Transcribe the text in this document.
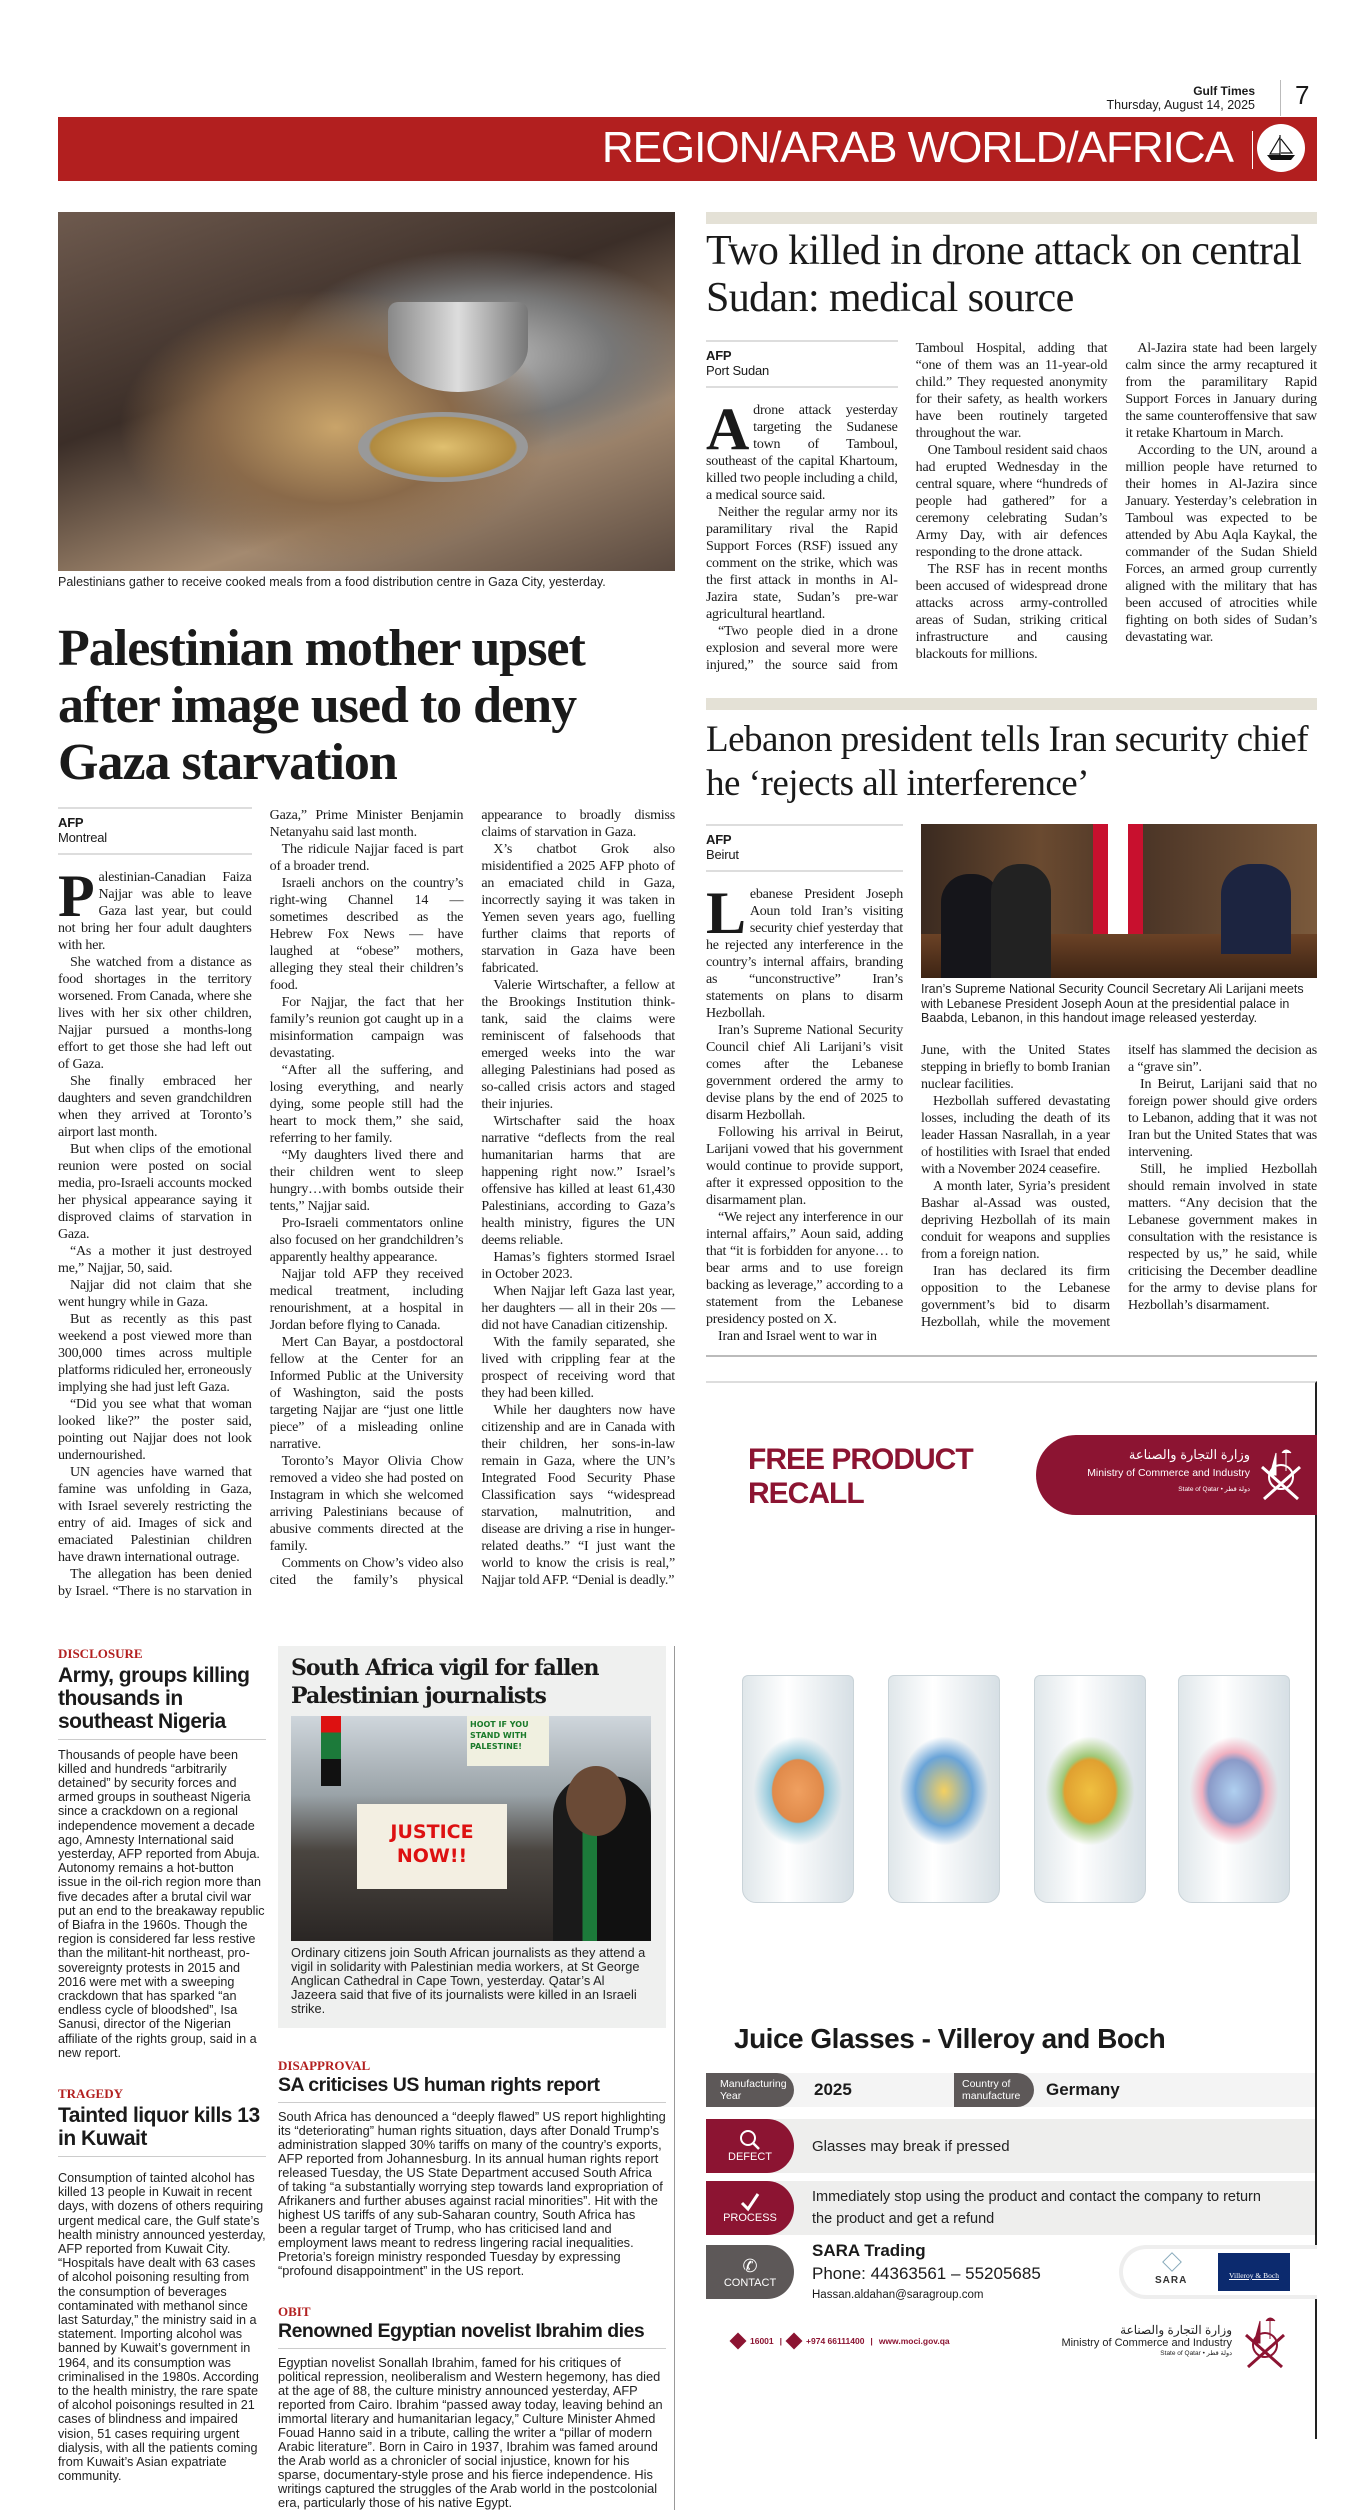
Gulf Times
Thursday, August 14, 2025	7
REGION/ARAB WORLD/AFRICA
Palestinians gather to receive cooked meals from a food distribution centre in Gaza City, yesterday.
Palestinian mother upset after image used to deny Gaza starvation
AFP
Montreal

Palestinian-Canadian Faiza Najjar was able to leave Gaza last year, but could not bring her four adult daughters with her.

She watched from a distance as food shortages in the territory worsened. From Canada, where she lives with her six other children, Najjar pursued a months-long effort to get those she had left out of Gaza.

She finally embraced her daughters and seven grandchildren when they arrived at Toronto’s airport last month.

But when clips of the emotional reunion were posted on social media, pro-Israeli accounts mocked her physical appearance saying it disproved claims of starvation in Gaza.

“As a mother it just destroyed me,” Najjar, 50, said.

Najjar did not claim that she went hungry while in Gaza.

But as recently as this past weekend a post viewed more than 300,000 times across multiple platforms ridiculed her, erroneously implying she had just left Gaza.

“Did you see what that woman looked like?” the poster said, pointing out Najjar does not look undernourished.

UN agencies have warned that famine was unfolding in Gaza, with Israel severely restricting the entry of aid. Images of sick and emaciated Palestinian children have drawn international outrage.

The allegation has been denied by Israel. “There is no starvation in Gaza,” Prime Minister Benjamin Netanyahu said last month.

The ridicule Najjar faced is part of a broader trend.

Israeli anchors on the country’s right-wing Channel 14 — sometimes described as the Hebrew Fox News — have laughed at “obese” mothers, alleging they steal their children’s food.

For Najjar, the fact that her family’s reunion got caught up in a misinformation campaign was devastating.

“After all the suffering, and losing everything, and nearly dying, some people still had the heart to mock them,” she said, referring to her family.

“My daughters lived there and their children went to sleep hungry…with bombs outside their tents,” Najjar said.

Pro-Israeli commentators online also focused on her grandchildren’s apparently healthy appearance.

Najjar told AFP they received medical treatment, including renourishment, at a hospital in Jordan before flying to Canada.

Mert Can Bayar, a postdoctoral fellow at the Center for an Informed Public at the University of Washington, said the posts targeting Najjar are “just one little piece” of a misleading online narrative.

Toronto’s Mayor Olivia Chow removed a video she had posted on Instagram in which she welcomed arriving Palestinians because of abusive comments directed at the family.

Comments on Chow’s video also cited the family’s physical appearance to broadly dismiss claims of starvation in Gaza.

X’s chatbot Grok also misidentified a 2025 AFP photo of an emaciated child in Gaza, incorrectly saying it was taken in Yemen seven years ago, fuelling further claims that reports of starvation in Gaza have been fabricated.

Valerie Wirtschafter, a fellow at the Brookings Institution think-tank, said the claims were reminiscent of falsehoods that emerged weeks into the war alleging Palestinians had posed as so-called crisis actors and staged their injuries.

Wirtschafter said the hoax narrative “deflects from the real humanitarian harms that are happening right now.” Israel’s offensive has killed at least 61,430 Palestinians, according to Gaza’s health ministry, figures the UN deems reliable.

Hamas’s fighters stormed Israel in October 2023.

When Najjar left Gaza last year, her daughters — all in their 20s — did not have Canadian citizenship.

With the family separated, she lived with crippling fear at the prospect of receiving word that they had been killed.

While her daughters now have citizenship and are in Canada with their children, her sons-in-law remain in Gaza, where the UN’s Integrated Food Security Phase Classification says “widespread starvation, malnutrition, and disease are driving a rise in hunger-related deaths.” “I just want the world to know the crisis is real,” Najjar told AFP. “Denial is deadly.”

DISCLOSURE
Army, groups killing thousands in southeast Nigeria

Thousands of people have been killed and hundreds “arbitrarily detained” by security forces and armed groups in southeast Nigeria since a crackdown on a regional independence movement a decade ago, Amnesty International said yesterday, AFP reported from Abuja. Autonomy remains a hot-button issue in the oil-rich region more than five decades after a brutal civil war put an end to the breakaway republic of Biafra in the 1960s. Though the region is considered far less restive than the militant-hit northeast, pro-sovereignty protests in 2015 and 2016 were met with a sweeping crackdown that has sparked “an endless cycle of bloodshed”, Isa Sanusi, director of the Nigerian affiliate of the rights group, said in a new report.

TRAGEDY
Tainted liquor kills 13 in Kuwait

Consumption of tainted alcohol has killed 13 people in Kuwait in recent days, with dozens of others requiring urgent medical care, the Gulf state’s health ministry announced yesterday, AFP reported from Kuwait City. “Hospitals have dealt with 63 cases of alcohol poisoning resulting from the consumption of beverages contaminated with methanol since last Saturday,” the ministry said in a statement. Importing alcohol was banned by Kuwait’s government in 1964, and its consumption was criminalised in the 1980s. According to the health ministry, the rare spate of alcohol poisonings resulted in 21 cases of blindness and impaired vision, 51 cases requiring urgent dialysis, with all the patients coming from Kuwait’s Asian expatriate community.

South Africa vigil for fallen Palestinian journalists
JUSTICE NOW!!
HOOT IF YOU STAND WITH PALESTINE!
Ordinary citizens join South African journalists as they attend a vigil in solidarity with Palestinian media workers, at St George Anglican Cathedral in Cape Town, yesterday. Qatar’s Al Jazeera said that five of its journalists were killed in an Israeli strike.
DISAPPROVAL
SA criticises US human rights report

South Africa has denounced a “deeply flawed” US report highlighting its “deteriorating” human rights situation, days after Donald Trump’s administration slapped 30% tariffs on many of the country’s exports, AFP reported from Johannesburg. In its annual human rights report released Tuesday, the US State Department accused South Africa of taking “a substantially worrying step towards land expropriation of Afrikaners and further abuses against racial minorities”. Hit with the highest US tariffs of any sub-Saharan country, South Africa has been a regular target of Trump, who has criticised land and employment laws meant to redress lingering racial inequalities. Pretoria’s foreign ministry responded Tuesday by expressing “profound disappointment” in the US report.

OBIT
Renowned Egyptian novelist Ibrahim dies

Egyptian novelist Sonallah Ibrahim, famed for his critiques of political repression, neoliberalism and Western hegemony, has died at the age of 88, the culture ministry announced yesterday, AFP reported from Cairo. Ibrahim “passed away today, leaving behind an immortal literary and humanitarian legacy,” Culture Minister Ahmed Fouad Hanno said in a tribute, calling the writer a “pillar of modern Arabic literature”. Born in Cairo in 1937, Ibrahim was famed around the Arab world as a chronicler of social injustice, known for his sparse, documentary-style prose and his fierce independence. His writings captured the struggles of the Arab world in the postcolonial era, particularly those of his native Egypt.

Two killed in drone attack on central Sudan: medical source
AFP
Port Sudan

Adrone attack yesterday targeting the Sudanese town of Tamboul, southeast of the capital Khartoum, killed two people including a child, a medical source said.

Neither the regular army nor its paramilitary rival the Rapid Support Forces (RSF) issued any comment on the strike, which was the first attack in months in Al-Jazira state, Sudan’s pre-war agricultural heartland.

“Two people died in a drone explosion and several more were injured,” the source said from Tamboul Hospital, adding that “one of them was an 11-year-old child.” They requested anonymity for their safety, as health workers have been routinely targeted throughout the war.

One Tamboul resident said chaos had erupted Wednesday in the central square, where “hundreds of people had gathered” for a ceremony celebrating Sudan’s Army Day, with air defences responding to the drone attack.

The RSF has in recent months been accused of widespread drone attacks across army-controlled areas of Sudan, striking critical infrastructure and causing blackouts for millions.

Al-Jazira state had been largely calm since the army recaptured it from the paramilitary Rapid Support Forces in January during the same counteroffensive that saw it retake Khartoum in March.

According to the UN, around a million people have returned to their homes in Al-Jazira since January. Yesterday’s celebration in Tamboul was expected to be attended by Abu Aqla Kaykal, the commander of the Sudan Shield Forces, an armed group currently aligned with the military that has been accused of atrocities while fighting on both sides of Sudan’s devastating war.

Lebanon president tells Iran security chief he ‘rejects all interference’
AFP
Beirut

Lebanese President Joseph Aoun told Iran’s visiting security chief yesterday that he rejected any interference in the country’s internal affairs, branding as “unconstructive” Iran’s statements on plans to disarm Hezbollah.

Iran’s Supreme National Security Council chief Ali Larijani’s visit comes after the Lebanese government ordered the army to devise plans by the end of 2025 to disarm Hezbollah.

Following his arrival in Beirut, Larijani vowed that his government would continue to provide support, after it expressed opposition to the disarmament plan.

“We reject any interference in our internal affairs,” Aoun said, adding that “it is forbidden for anyone… to bear arms and to use foreign backing as leverage,” according to a statement from the Lebanese presidency posted on X.

Iran and Israel went to war in

Iran’s Supreme National Security Council Secretary Ali Larijani meets with Lebanese President Joseph Aoun at the presidential palace in Baabda, Lebanon, in this handout image released yesterday.

June, with the United States stepping in briefly to bomb Iranian nuclear facilities.

Hezbollah suffered devastating losses, including the death of its leader Hassan Nasrallah, in a year of hostilities with Israel that ended with a November 2024 ceasefire.

A month later, Syria’s president Bashar al-Assad was ousted, depriving Hezbollah of its main conduit for weapons and supplies from a foreign nation.

Iran has declared its firm opposition to the Lebanese government’s bid to disarm Hezbollah, while the movement itself has slammed the decision as a “grave sin”.

In Beirut, Larijani said that no foreign power should give orders to Lebanon, adding that it was not Iran but the United States that was intervening.

Still, he implied Hezbollah should remain involved in state matters. “Any decision that the Lebanese government makes in consultation with the resistance is respected by us,” he said, while criticising the December deadline for the army to devise plans for Hezbollah’s disarmament.

FREE PRODUCT RECALL
وزارة التجارة والصناعة
Ministry of Commerce and Industry
State of Qatar • دولة قطر
Juice Glasses - Villeroy and Boch
Manufacturing Year	2025	Country of manufacture	Germany
DEFECT
Glasses may break if pressed
PROCESS
Immediately stop using the product and contact the company to return the product and get a refund
✆
CONTACT
SARA Trading
Phone: 44363561 – 55205685
Hassan.aldahan@saragroup.com
SARA	Villeroy & Boch
16001 |	+974 66111400 | www.moci.gov.qa
وزارة التجارة والصناعة
Ministry of Commerce and Industry
State of Qatar • دولة قطر
